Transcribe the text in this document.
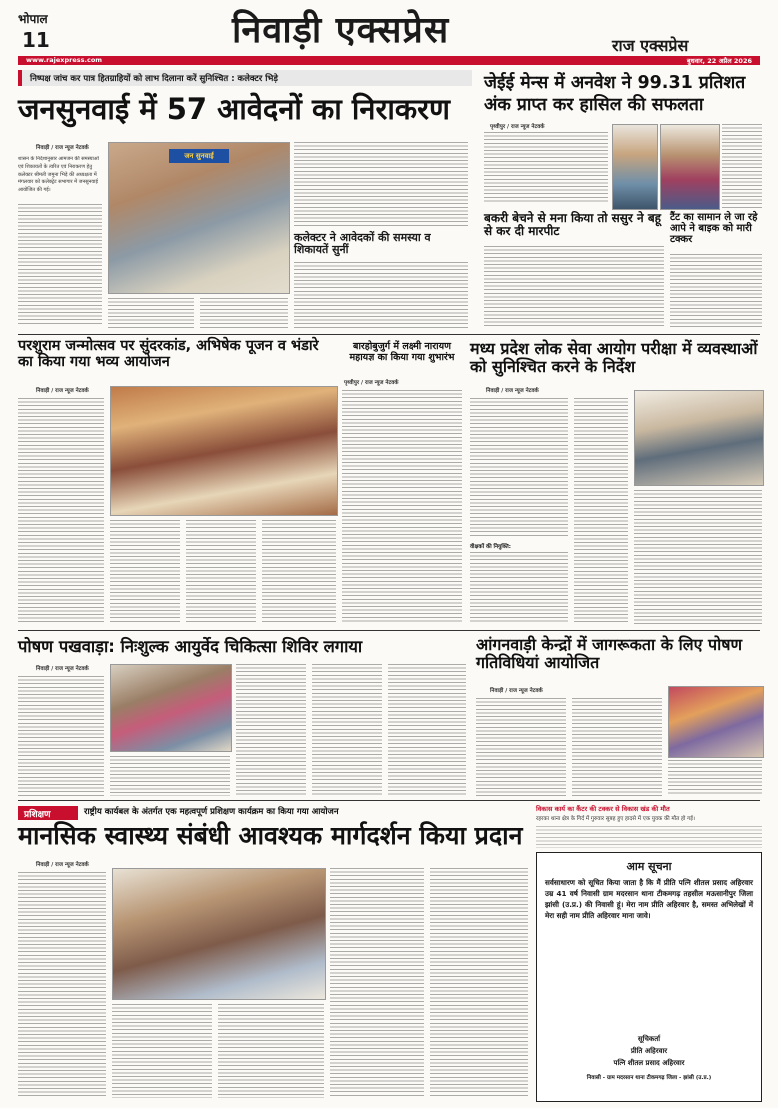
भोपाल
11	निवाड़ी एक्सप्रेस	राज एक्सप्रेस
www.rajexpress.com	बुधवार, 22 अप्रैल 2026
निष्पक्ष जांच कर पात्र हितग्राहियों को लाभ दिलाना करें सुनिश्चित : कलेक्टर भिड़े
जनसुनवाई में 57 आवेदनों का निराकरण
निवाड़ी / राज न्यूज नेटवर्क
शासन के निर्देशानुसार आमजन की समस्याओं एवं शिकायतों के त्वरित एवं निराकरण हेतु कलेक्टर श्रीमती जमुना भिड़े की अध्यक्षता में मंगलवार को कलेक्ट्रेट सभागार में जनसुनवाई आयोजित की गई।
जन सुनवाई
कलेक्टर ने आवेदकों की समस्या व शिकायतें सुनीं
जेईई मेन्स में अनवेश ने 99.31 प्रतिशत
अंक प्राप्त कर हासिल की सफलता
पृथ्वीपुर / राज न्यूज नेटवर्क
बकरी बेचने से मना किया तो ससुर ने बहू से कर दी मारपीट
टैंट का सामान ले जा रहे आपे ने बाइक को मारी टक्कर
परशुराम जन्मोत्सव पर सुंदरकांड, अभिषेक पूजन व भंडारे का किया गया भव्य आयोजन
निवाड़ी / राज न्यूज नेटवर्क
बारहोबुजुर्ग में लक्ष्मी नारायण महायज्ञ का किया गया शुभारंभ
पृथ्वीपुर / राज न्यूज नेटवर्क
मध्य प्रदेश लोक सेवा आयोग परीक्षा में व्यवस्थाओं को सुनिश्चित करने के निर्देश
निवाड़ी / राज न्यूज नेटवर्क
वीक्षकों की नियुक्ति:
पोषण पखवाड़ा: निःशुल्क आयुर्वेद चिकित्सा शिविर लगाया
निवाड़ी / राज न्यूज नेटवर्क
आंगनवाड़ी केन्द्रों में जागरूकता के लिए पोषण गतिविधियां आयोजित
निवाड़ी / राज न्यूज नेटवर्क
प्रशिक्षण	राष्ट्रीय कार्यबल के अंतर्गत एक महत्वपूर्ण प्रशिक्षण कार्यक्रम का किया गया आयोजन
मानसिक स्वास्थ्य संबंधी आवश्यक मार्गदर्शन किया प्रदान
निवाड़ी / राज न्यूज नेटवर्क
विकास कार्य का कैंटर की टक्कर से विकास खंड की मौत
रहरका थाना क्षेत्र के गिर्द में गुरुवार सुबह हुए हादसे में एक युवक की मौत हो गई।
आम सूचना
सर्वसाधारण को सूचित किया जाता है कि मैं प्रीति पत्नि शीतल प्रसाद अहिरवार उम्र 41 वर्ष निवासी ग्राम मदरसान थाना टीकमगढ़ तहसील मऊसानीपुर जिला झांसी (उ.प्र.) की निवासी हूं। मेरा नाम प्रीति अहिरवार है, समस्त अभिलेखों में मेरा सही नाम प्रीति अहिरवार माना जावे।
सूचिकर्ता
प्रीति अहिरवार
पत्नि शीतल प्रसाद अहिरवार
निवासी - ग्राम मदरसान थाना टीकमगढ़ जिला - झांसी (उ.प्र.)
